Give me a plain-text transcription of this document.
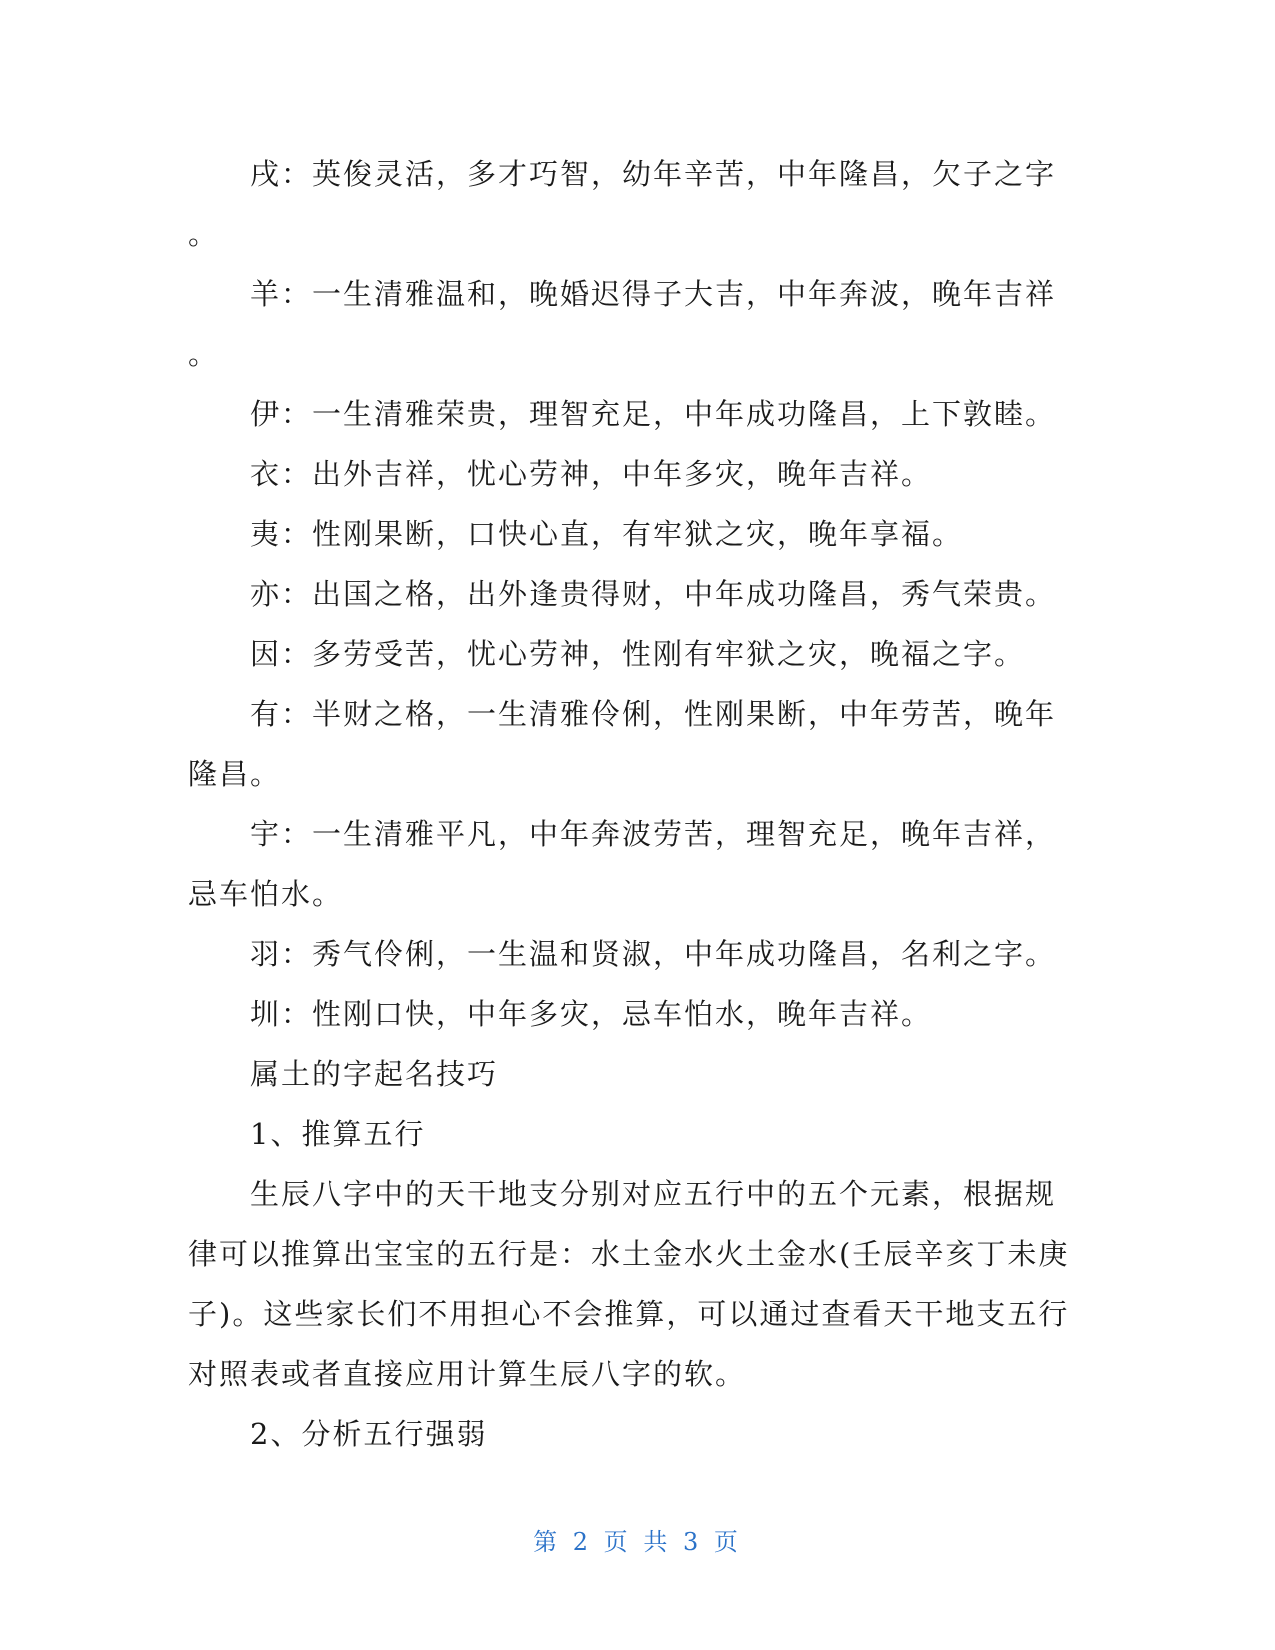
戌：英俊灵活，多才巧智，幼年辛苦，中年隆昌，欠子之字

。

羊：一生清雅温和，晚婚迟得子大吉，中年奔波，晚年吉祥

。

伊：一生清雅荣贵，理智充足，中年成功隆昌，上下敦睦。

衣：出外吉祥，忧心劳神，中年多灾，晚年吉祥。

夷：性刚果断，口快心直，有牢狱之灾，晚年享福。

亦：出国之格，出外逢贵得财，中年成功隆昌，秀气荣贵。

因：多劳受苦，忧心劳神，性刚有牢狱之灾，晚福之字。

有：半财之格，一生清雅伶俐，性刚果断，中年劳苦，晚年

隆昌。

宇：一生清雅平凡，中年奔波劳苦，理智充足，晚年吉祥，

忌车怕水。

羽：秀气伶俐，一生温和贤淑，中年成功隆昌，名利之字。

圳：性刚口快，中年多灾，忌车怕水，晚年吉祥。

属土的字起名技巧

1、推算五行

生辰八字中的天干地支分别对应五行中的五个元素，根据规

律可以推算出宝宝的五行是：水土金水火土金水(壬辰辛亥丁未庚

子)。这些家长们不用担心不会推算，可以通过查看天干地支五行

对照表或者直接应用计算生辰八字的软。

2、分析五行强弱

第 2 页 共 3 页
